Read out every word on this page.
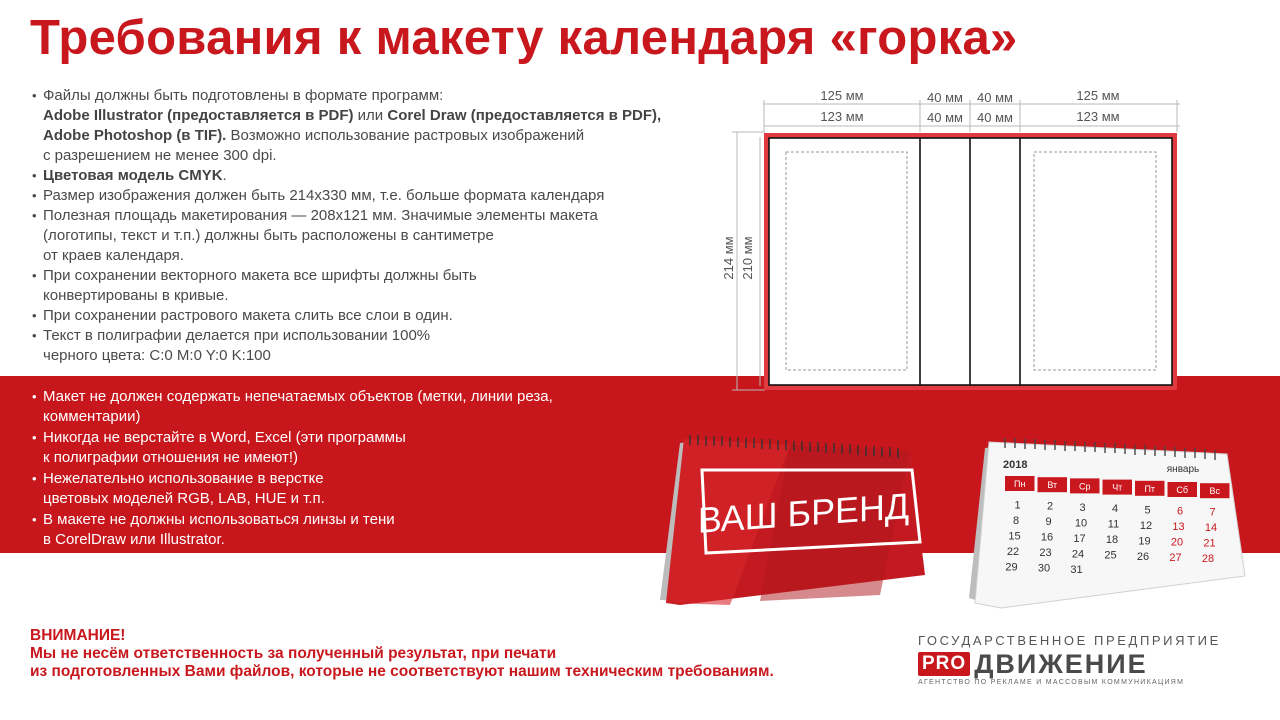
Требования к макету календаря «горка»
• Файлы должны быть подготовлены в формате программ:
Adobe Illustrator (предоставляется в PDF) или Corel Draw (предоставляется в PDF),
Adobe Photoshop (в TIF). Возможно использование растровых изображений
с разрешением не менее 300 dpi.
• Цветовая модель CMYK.
• Размер изображения должен быть 214х330 мм, т.е. больше формата календаря
• Полезная площадь макетирования — 208х121 мм. Значимые элементы макета
(логотипы, текст и т.п.) должны быть расположены в сантиметре
от краев календаря.
• При сохранении векторного макета все шрифты должны быть
конвертированы в кривые.
• При сохранении растрового макета слить все слои в один.
• Текст в полиграфии делается при использовании 100%
черного цвета: C:0 M:0 Y:0 K:100
• Макет не должен содержать непечатаемых объектов (метки, линии реза,
комментарии)
• Никогда не верстайте в Word, Excel (эти программы
к полиграфии отношения не имеют!)
• Нежелательно использование в верстке
цветовых моделей RGB, LAB, HUE и т.п.
• В макете не должны использоваться линзы и тени
в CorelDraw или Illustrator.
125 мм
123 мм
40 мм
40 мм
40 мм
40 мм
125 мм
123 мм
214 мм 210 мм
ВАШ БРЕНД
2018	январь
Пн Вт Ср Чт Пт Сб Вс
1 2 3 4 5 6 7
8 9 10 11 12 13 14
15 16 17 18 19 20 21
22 23 24 25 26 27 28
29 30 31
ВНИМАНИЕ!
Мы не несём ответственность за полученный результат, при печати
из подготовленных Вами файлов, которые не соответствуют нашим техническим требованиям.
ГОСУДАРСТВЕННОЕ ПРЕДПРИЯТИЕ
PRO ДВИЖЕНИЕ
АГЕНТСТВО ПО РЕКЛАМЕ И МАССОВЫМ КОММУНИКАЦИЯМ
